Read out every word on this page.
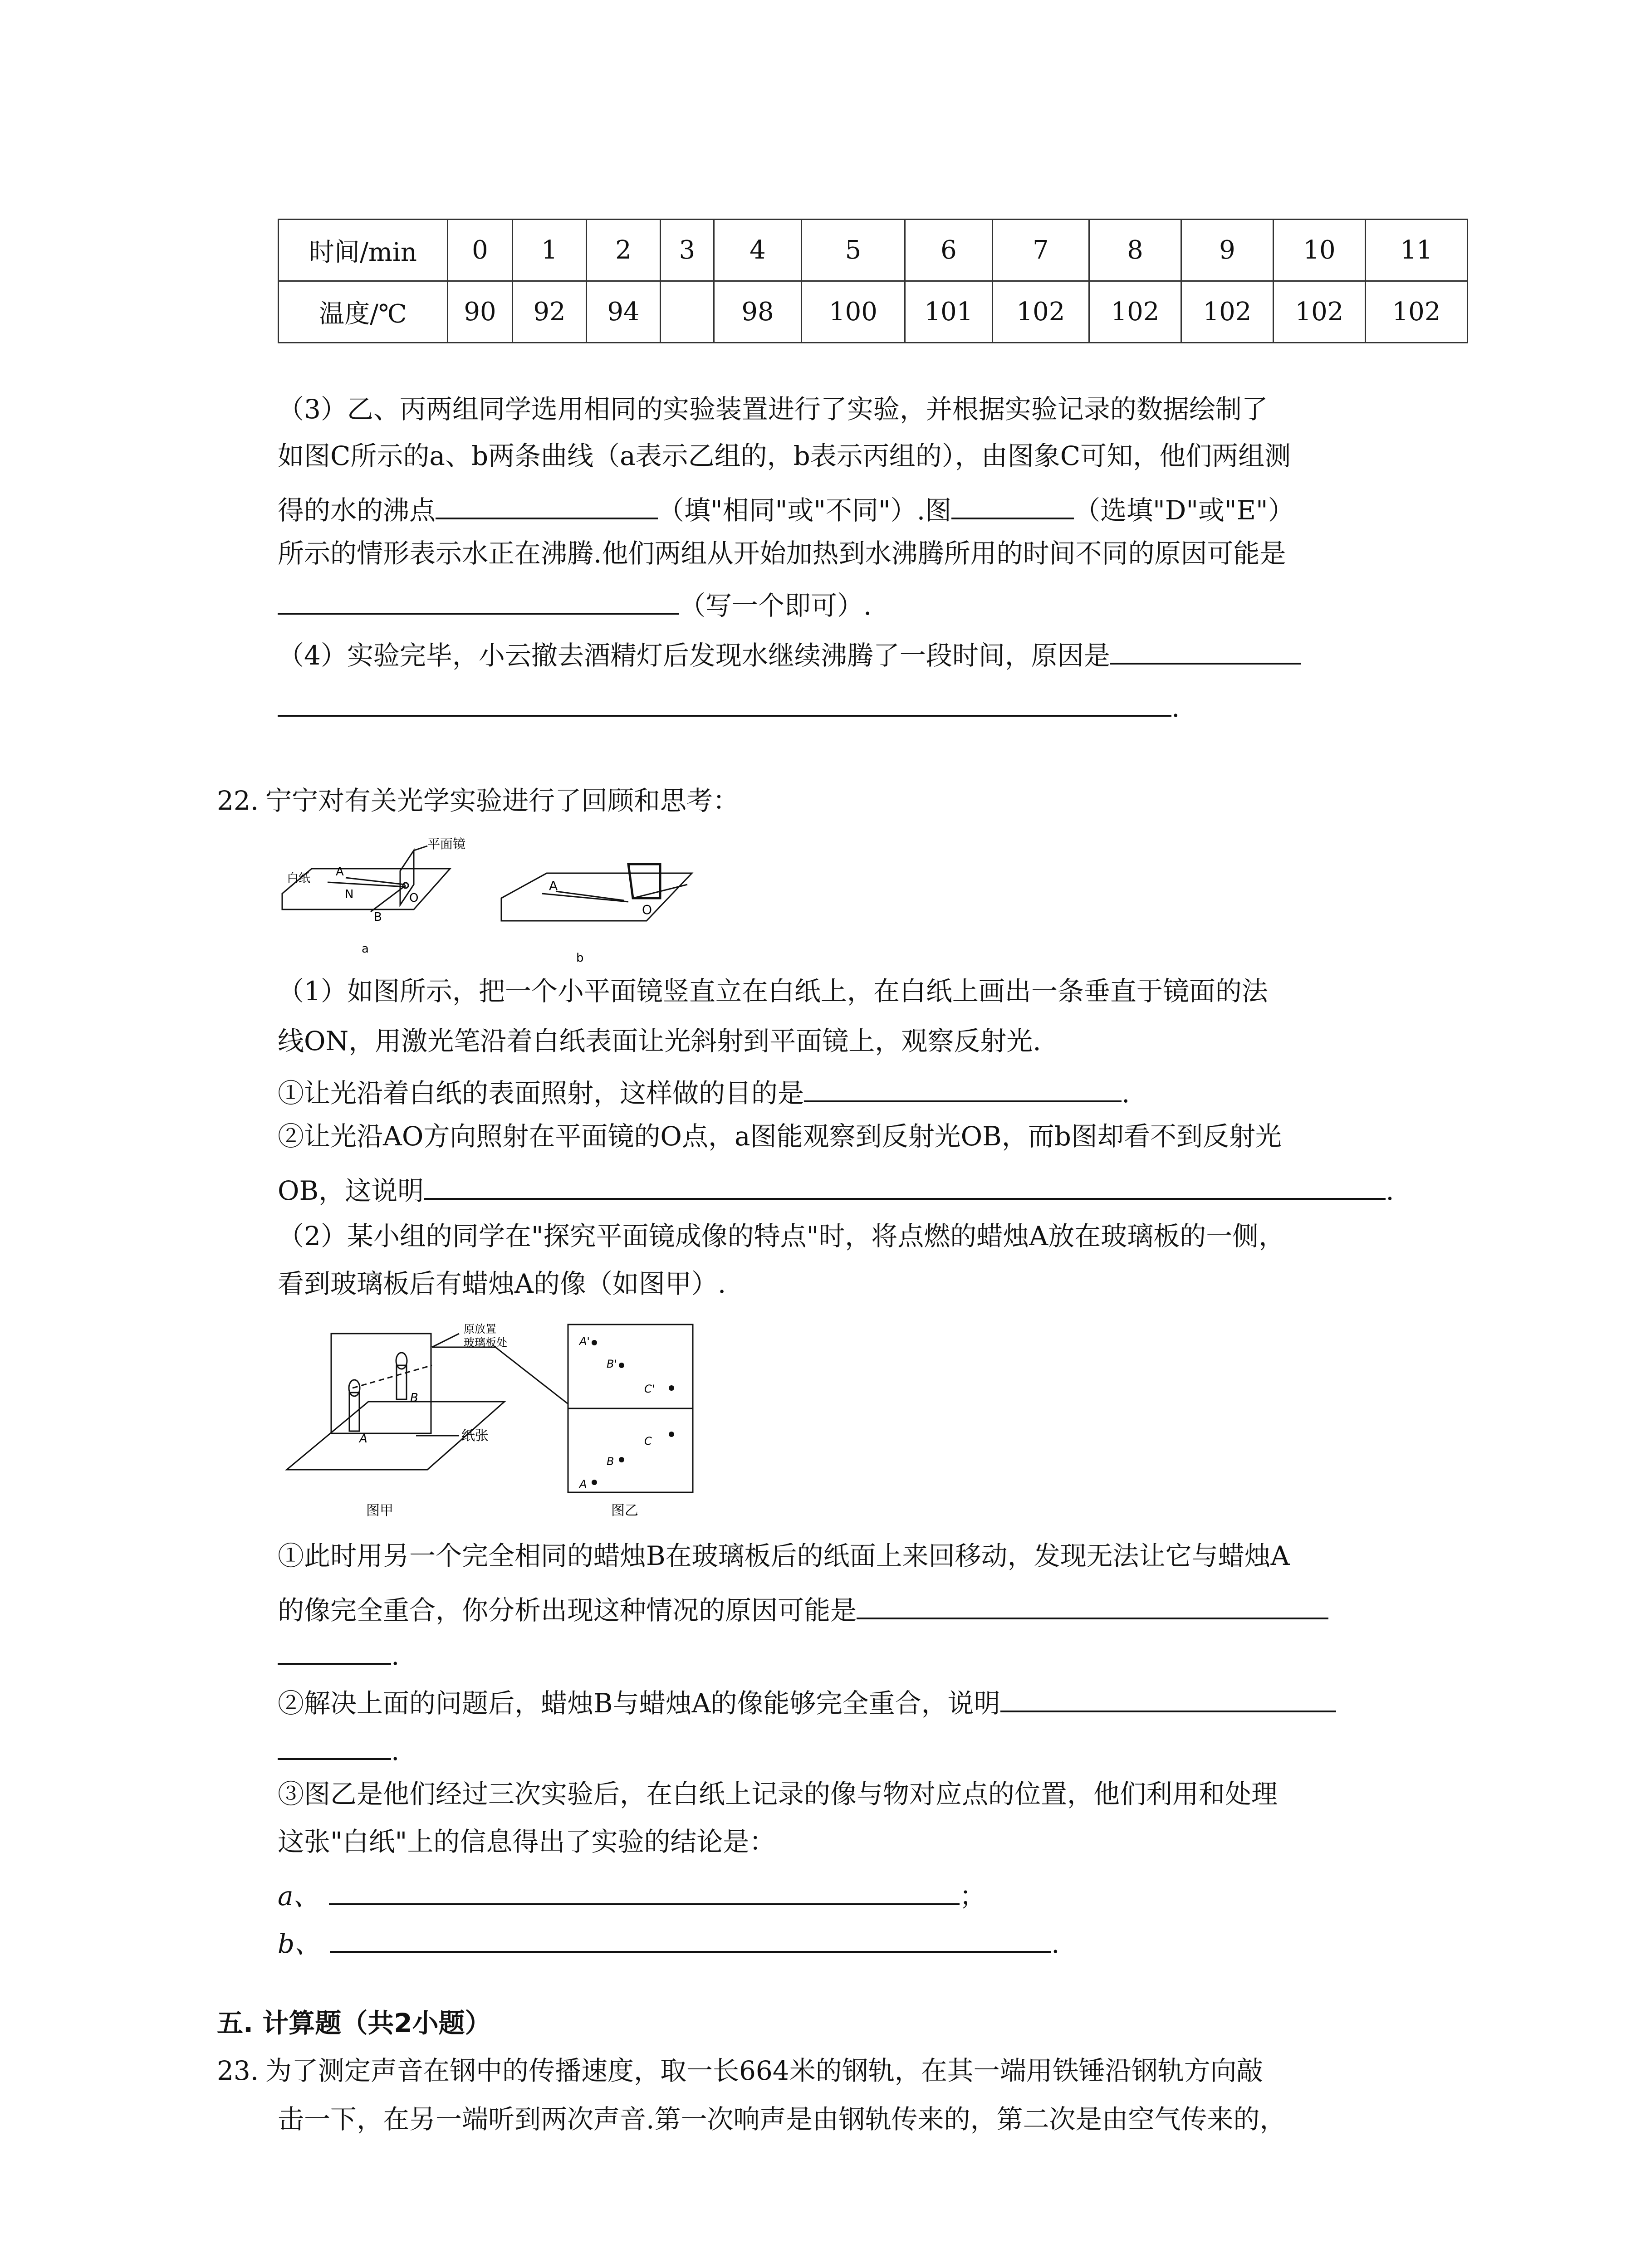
时间/min	0	1	2	3	4	5	6	7	8	9	10	11
温度/℃	90	92	94		98	100	101	102	102	102	102	102
（3）乙、丙两组同学选用相同的实验装置进行了实验，并根据实验记录的数据绘制了
如图C所示的a、b两条曲线（a表示乙组的，b表示丙组的），由图象C可知，他们两组测
得的水的沸点	（填"相同"或"不同"）.图	（选填"D"或"E"）
所示的情形表示水正在沸腾.他们两组从开始加热到水沸腾所用的时间不同的原因可能是
（写一个即可）.
（4）实验完毕，小云撤去酒精灯后发现水继续沸腾了一段时间，原因是
.
22. 宁宁对有关光学实验进行了回顾和思考：
平面镜
白纸 A
N	O
B
a
A
O
b
（1）如图所示，把一个小平面镜竖直立在白纸上，在白纸上画出一条垂直于镜面的法
线ON，用激光笔沿着白纸表面让光斜射到平面镜上，观察反射光.
①让光沿着白纸的表面照射，这样做的目的是	.
②让光沿AO方向照射在平面镜的O点，a图能观察到反射光OB，而b图却看不到反射光
OB，这说明	.
（2）某小组的同学在"探究平面镜成像的特点"时，将点燃的蜡烛A放在玻璃板的一侧，
看到玻璃板后有蜡烛A的像（如图甲）.
A
B
纸张
原放置
玻璃板处
图甲
A'
B'
C'
C
B
A
图乙
①此时用另一个完全相同的蜡烛B在玻璃板后的纸面上来回移动，发现无法让它与蜡烛A
的像完全重合，你分析出现这种情况的原因可能是
.
②解决上面的问题后，蜡烛B与蜡烛A的像能够完全重合，说明
.
③图乙是他们经过三次实验后，在白纸上记录的像与物对应点的位置，他们利用和处理
这张"白纸"上的信息得出了实验的结论是：
a、	；
b、	.
五. 计算题（共2小题）
23. 为了测定声音在钢中的传播速度，取一长664米的钢轨，在其一端用铁锤沿钢轨方向敲
击一下，在另一端听到两次声音.第一次响声是由钢轨传来的，第二次是由空气传来的，
